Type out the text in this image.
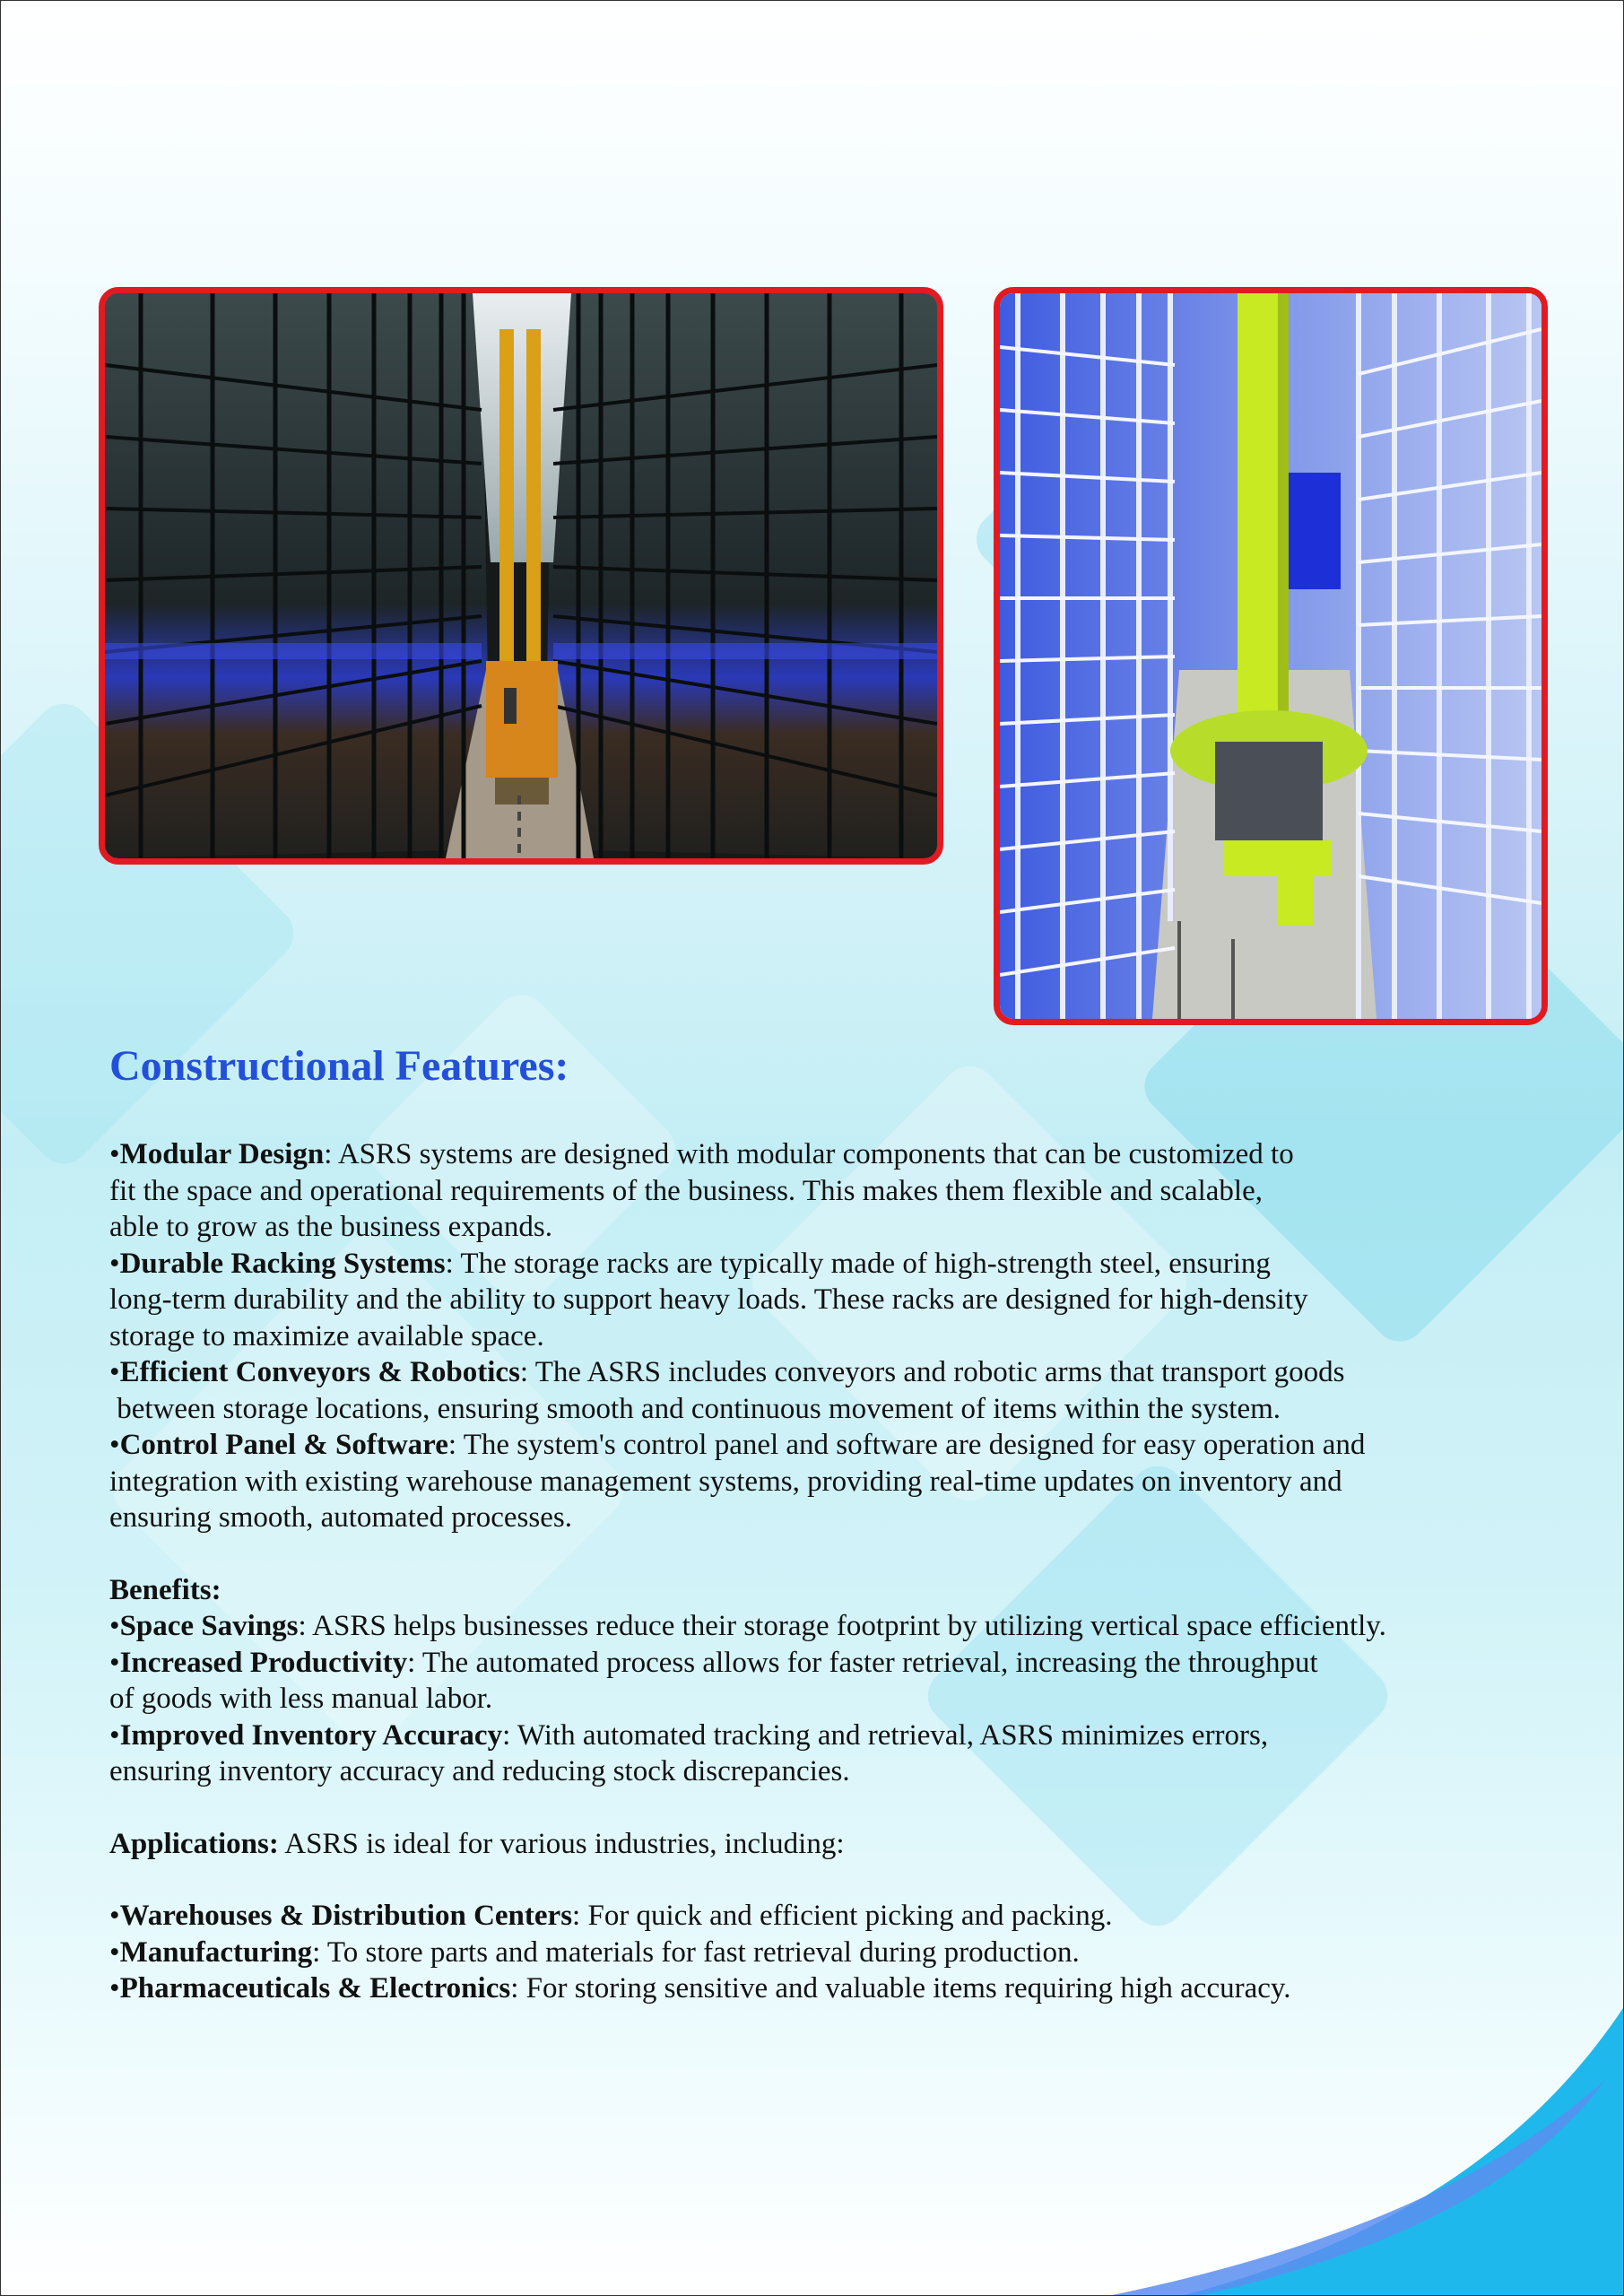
Constructional Features:

•Modular Design: ASRS systems are designed with modular components that can be customized to
fit the space and operational requirements of the business. This makes them flexible and scalable,
able to grow as the business expands.

•Durable Racking Systems: The storage racks are typically made of high-strength steel, ensuring
long-term durability and the ability to support heavy loads. These racks are designed for high-density
storage to maximize available space.

•Efficient Conveyors & Robotics: The ASRS includes conveyors and robotic arms that transport goods
between storage locations, ensuring smooth and continuous movement of items within the system.

•Control Panel & Software: The system's control panel and software are designed for easy operation and
integration with existing warehouse management systems, providing real-time updates on inventory and
ensuring smooth, automated processes.

Benefits:

•Space Savings: ASRS helps businesses reduce their storage footprint by utilizing vertical space efficiently.

•Increased Productivity: The automated process allows for faster retrieval, increasing the throughput
of goods with less manual labor.

•Improved Inventory Accuracy: With automated tracking and retrieval, ASRS minimizes errors,
ensuring inventory accuracy and reducing stock discrepancies.

Applications: ASRS is ideal for various industries, including:

•Warehouses & Distribution Centers: For quick and efficient picking and packing.

•Manufacturing: To store parts and materials for fast retrieval during production.

•Pharmaceuticals & Electronics: For storing sensitive and valuable items requiring high accuracy.
